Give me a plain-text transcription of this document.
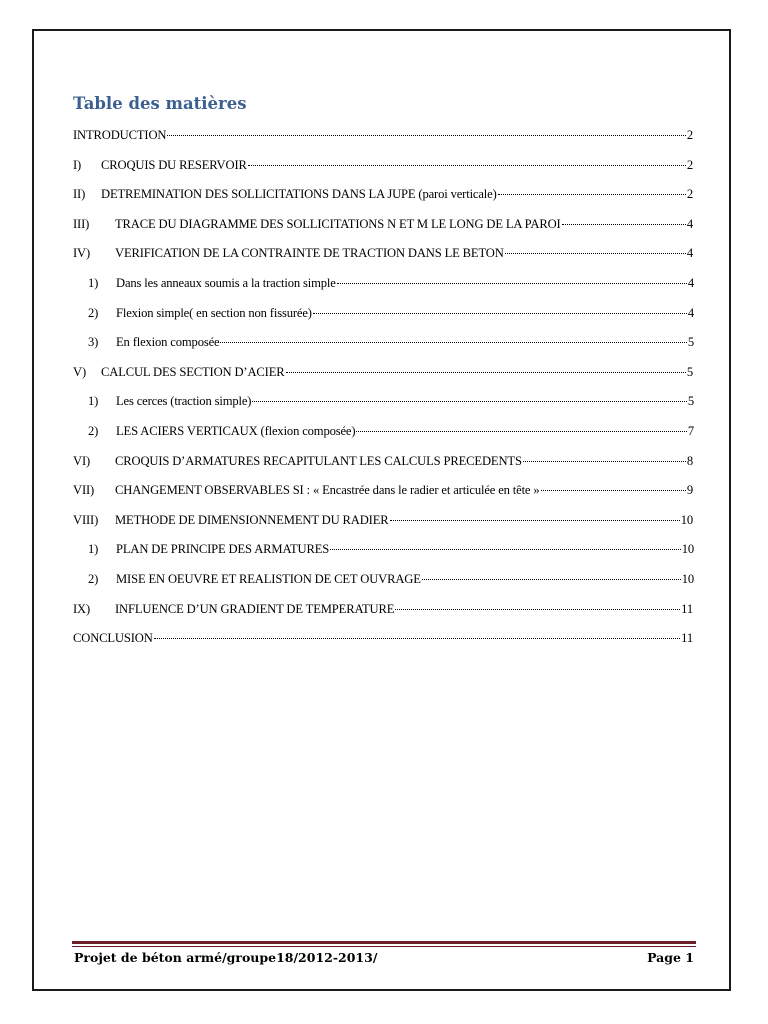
Table des matières
INTRODUCTION	2
I)	CROQUIS DU RESERVOIR	2
II)	DETREMINATION DES SOLLICITATIONS DANS LA JUPE (paroi verticale)	2
III)	TRACE DU DIAGRAMME DES SOLLICITATIONS N ET M LE LONG DE LA PAROI	4
IV)	VERIFICATION DE LA CONTRAINTE DE TRACTION DANS LE BETON	4
1)	Dans les anneaux soumis a la traction simple	4
2)	Flexion simple( en section non fissurée)	4
3)	En flexion composée	5
V)	CALCUL DES SECTION D’ACIER	5
1)	Les cerces (traction simple)	5
2)	LES ACIERS VERTICAUX (flexion composée)	7
VI)	CROQUIS D’ARMATURES RECAPITULANT LES CALCULS PRECEDENTS	8
VII)	CHANGEMENT OBSERVABLES SI : « Encastrée dans le radier et articulée en tête »	9
VIII)	METHODE DE DIMENSIONNEMENT DU RADIER	10
1)	PLAN DE PRINCIPE DES ARMATURES	10
2)	MISE EN OEUVRE ET REALISTION DE CET OUVRAGE	10
IX)	INFLUENCE D’UN GRADIENT DE TEMPERATURE	11
CONCLUSION	11
Projet de béton armé/groupe18/2012-2013/	Page 1
